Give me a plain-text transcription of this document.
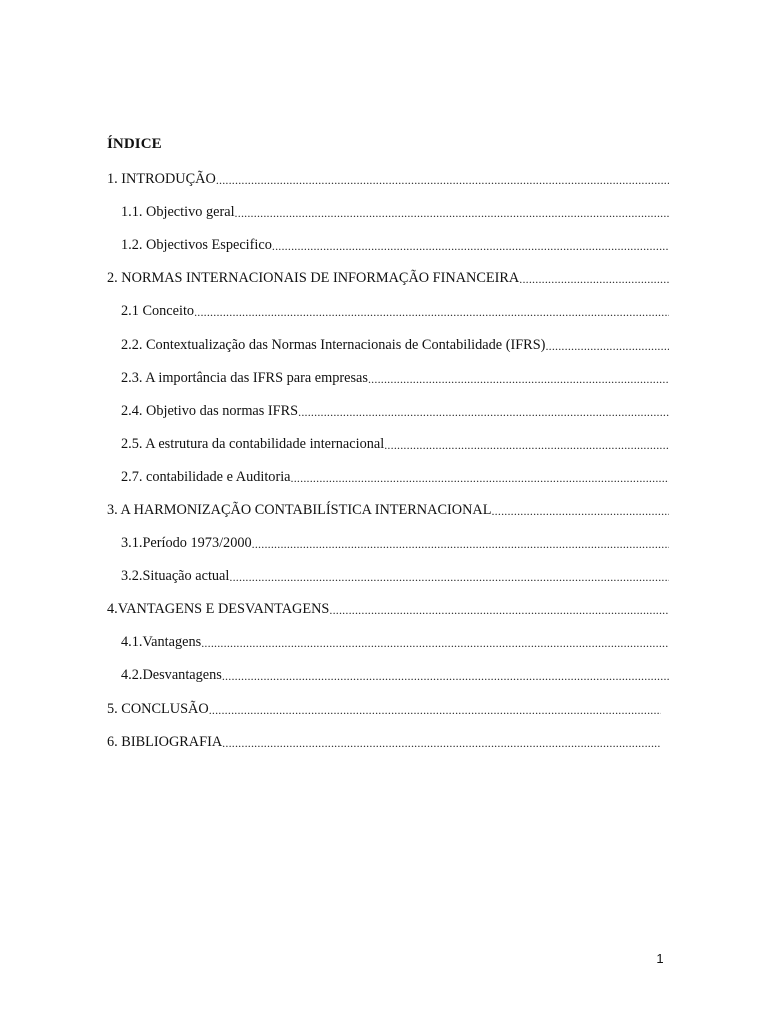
ÍNDICE
1. INTRODUÇÃO
.....
1.1. Objectivo geral
.....
1.2. Objectivos Especifico
.....
2. NORMAS INTERNACIONAIS DE INFORMAÇÃO FINANCEIRA
.....
2.1 Conceito
.....
2.2. Contextualização das Normas Internacionais de Contabilidade (IFRS)
.....
2.3. A importância das IFRS para empresas
.....
2.4. Objetivo das normas IFRS
.....
2.5. A estrutura da contabilidade internacional
.....
2.7. contabilidade e Auditoria
.....
3. A HARMONIZAÇÃO CONTABILÍSTICA INTERNACIONAL
.....
3.1.Período 1973/2000
.....
3.2.Situação actual
.....
4.VANTAGENS E DESVANTAGENS
.....
4.1.Vantagens
.....
4.2.Desvantagens
.....
5. CONCLUSÃO
.....
6. BIBLIOGRAFIA
.....
1
